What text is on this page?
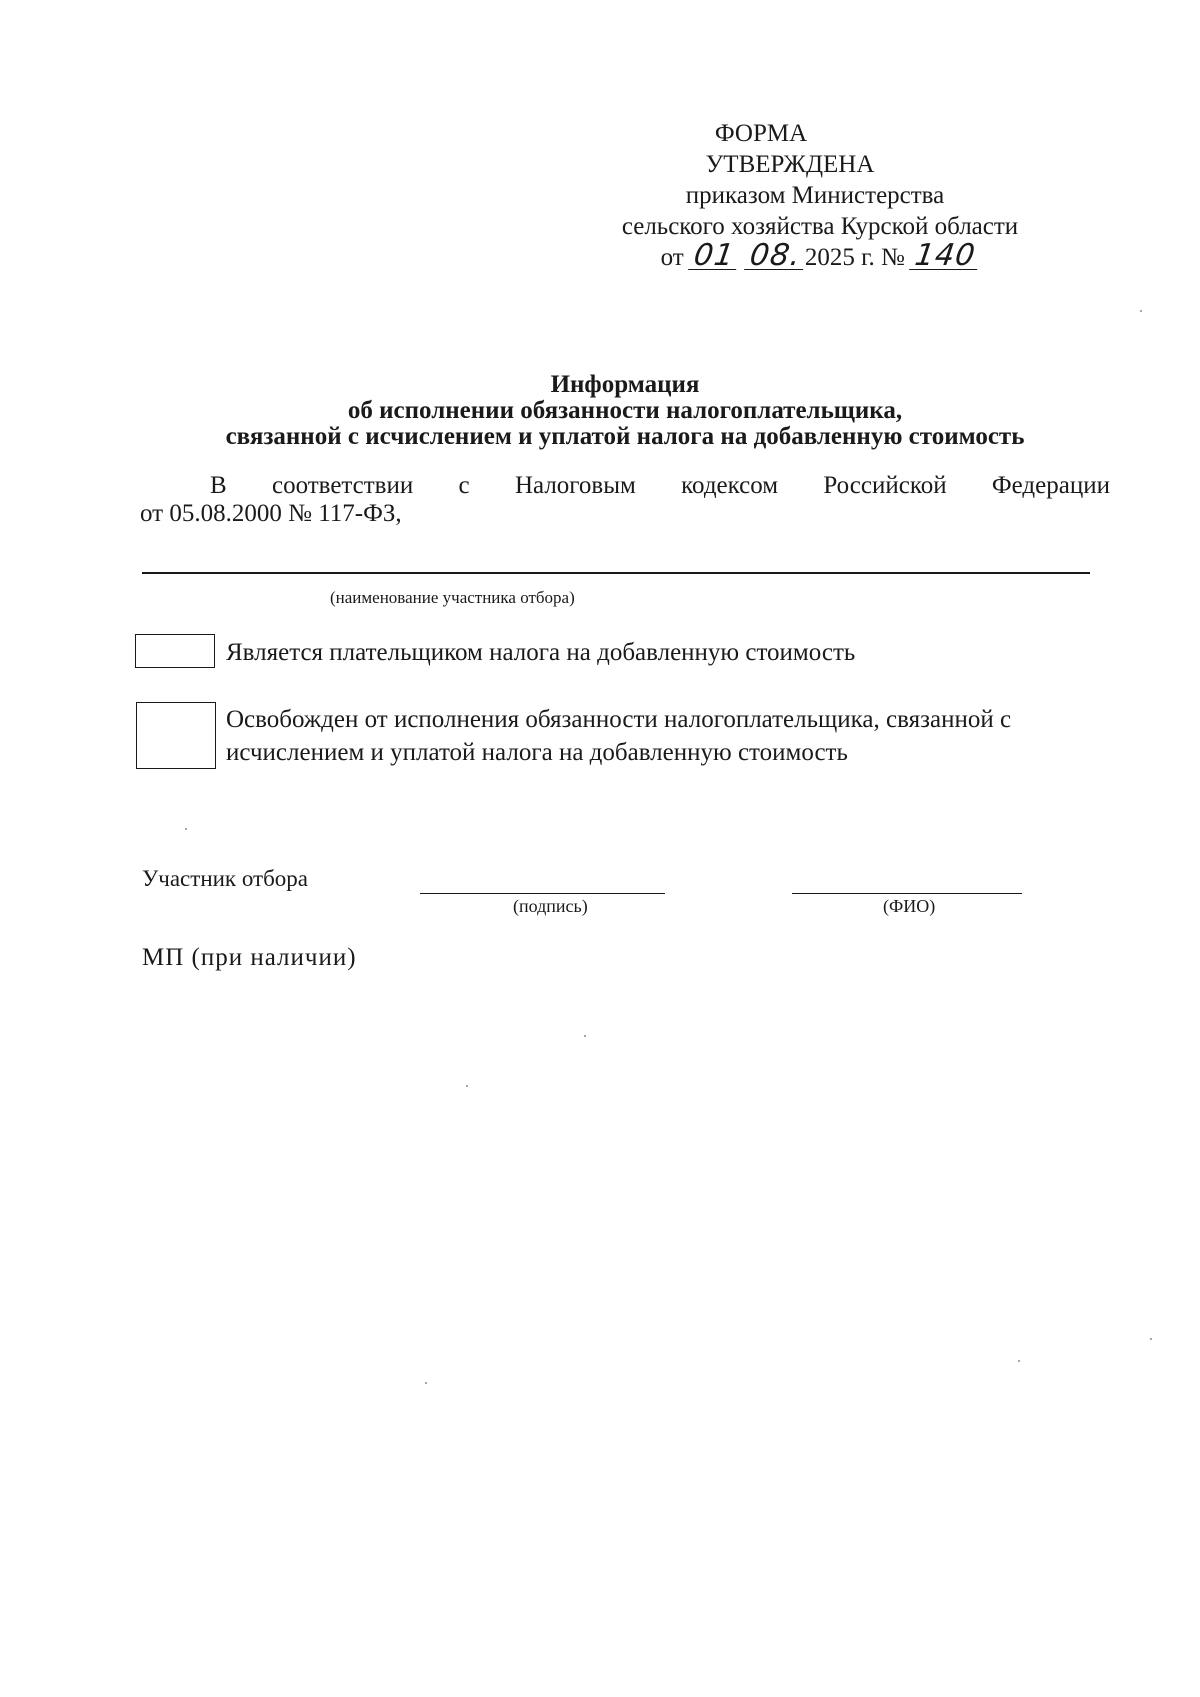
ФОРМА
УТВЕРЖДЕНА
приказом Министерства
сельского хозяйства Курской области
от 01 08.2025 г. № 140
Информация
об исполнении обязанности налогоплательщика,
связанной с исчислением и уплатой налога на добавленную стоимость
В соответствии с Налоговым кодексом Российской Федерации
от 05.08.2000 № 117-ФЗ,
(наименование участника отбора)
Является плательщиком налога на добавленную стоимость
Освобожден от исполнения обязанности налогоплательщика, связанной с исчислением и уплатой налога на добавленную стоимость
Участник отбора
(подпись)	(ФИО)
МП (при наличии)
